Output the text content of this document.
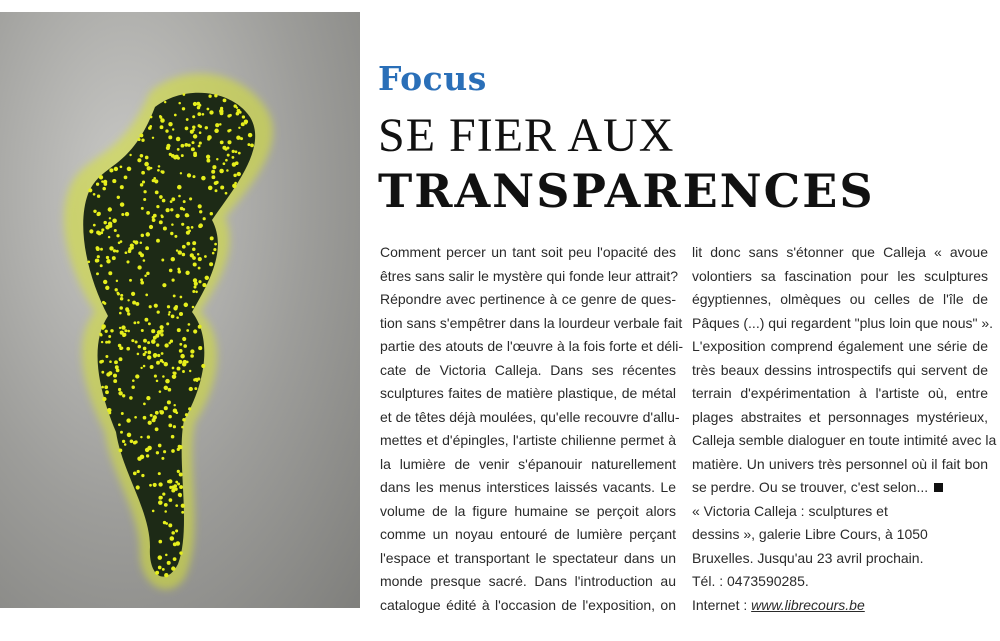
Focus
SE FIER AUX
TRANSPARENCES
Comment percer un tant soit peu l'opacité des
êtres sans salir le mystère qui fonde leur attrait?
Répondre avec pertinence à ce genre de ques-
tion sans s'empêtrer dans la lourdeur verbale fait
partie des atouts de l'œuvre à la fois forte et déli-
cate de Victoria Calleja. Dans ses récentes
sculptures faites de matière plastique, de métal
et de têtes déjà moulées, qu'elle recouvre d'allu-
mettes et d'épingles, l'artiste chilienne permet à
la lumière de venir s'épanouir naturellement
dans les menus interstices laissés vacants. Le
volume de la figure humaine se perçoit alors
comme un noyau entouré de lumière perçant
l'espace et transportant le spectateur dans un
monde presque sacré. Dans l'introduction au
catalogue édité à l'occasion de l'exposition, on
lit donc sans s'étonner que Calleja « avoue
volontiers sa fascination pour les sculptures
égyptiennes, olmèques ou celles de l'île de
Pâques (...) qui regardent "plus loin que nous" ».
L'exposition comprend également une série de
très beaux dessins introspectifs qui servent de
terrain d'expérimentation à l'artiste où, entre
plages abstraites et personnages mystérieux,
Calleja semble dialoguer en toute intimité avec la
matière. Un univers très personnel où il fait bon
se perdre. Ou se trouver, c'est selon...
« Victoria Calleja : sculptures et
dessins », galerie Libre Cours, à 1050
Bruxelles. Jusqu'au 23 avril prochain.
Tél. : 0473590285.
Internet : www.librecours.be
